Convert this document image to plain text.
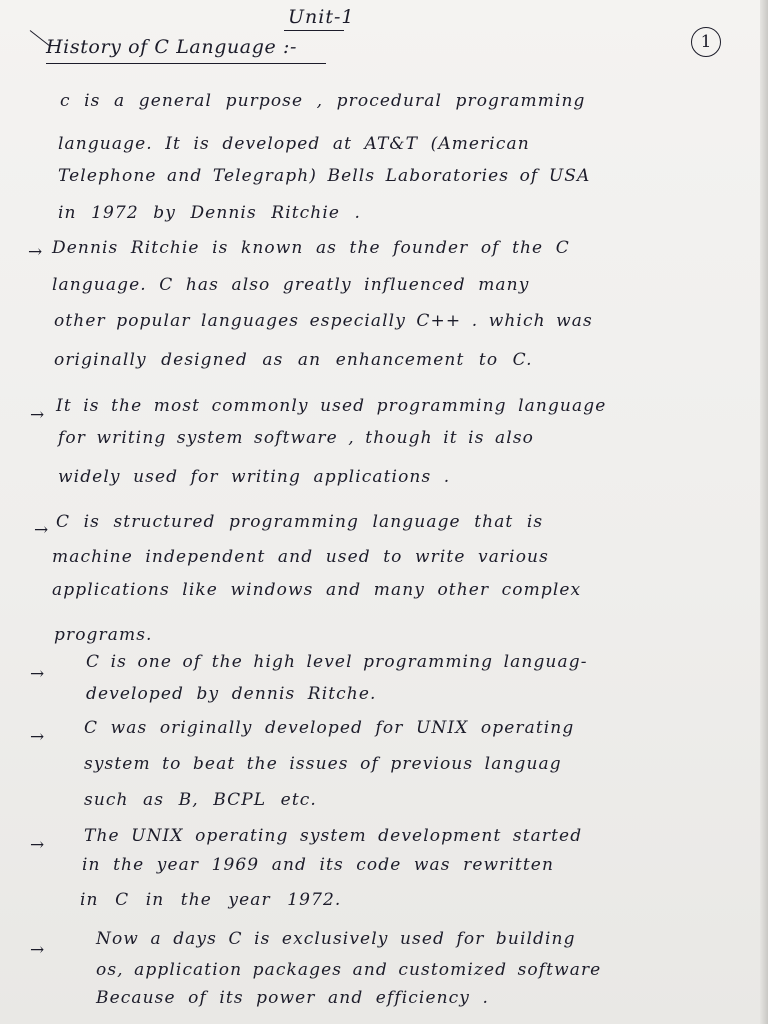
Unit-1
1
History of C Language :-
c is a general purpose , procedural programming
language. It is developed at AT&T (American
Telephone and Telegraph) Bells Laboratories of USA
in 1972 by Dennis Ritchie .
→ Dennis Ritchie is known as the founder of the C
language. C has also greatly influenced many
other popular languages especially C++ . which was
originally designed as an enhancement to C.
→ It is the most commonly used programming language
for writing system software , though it is also
widely used for writing applications .
→ C is structured programming language that is
machine independent and used to write various
applications like windows and many other complex
programs.
→
C is one of the high level programming languag-
developed by dennis Ritche.
→ C was originally developed for UNIX operating
system to beat the issues of previous languag
such as B, BCPL etc.
→ The UNIX operating system development started
in the year 1969 and its code was rewritten
in C in the year 1972.
→
Now a days C is exclusively used for building
os, application packages and customized software
Because of its power and efficiency .
